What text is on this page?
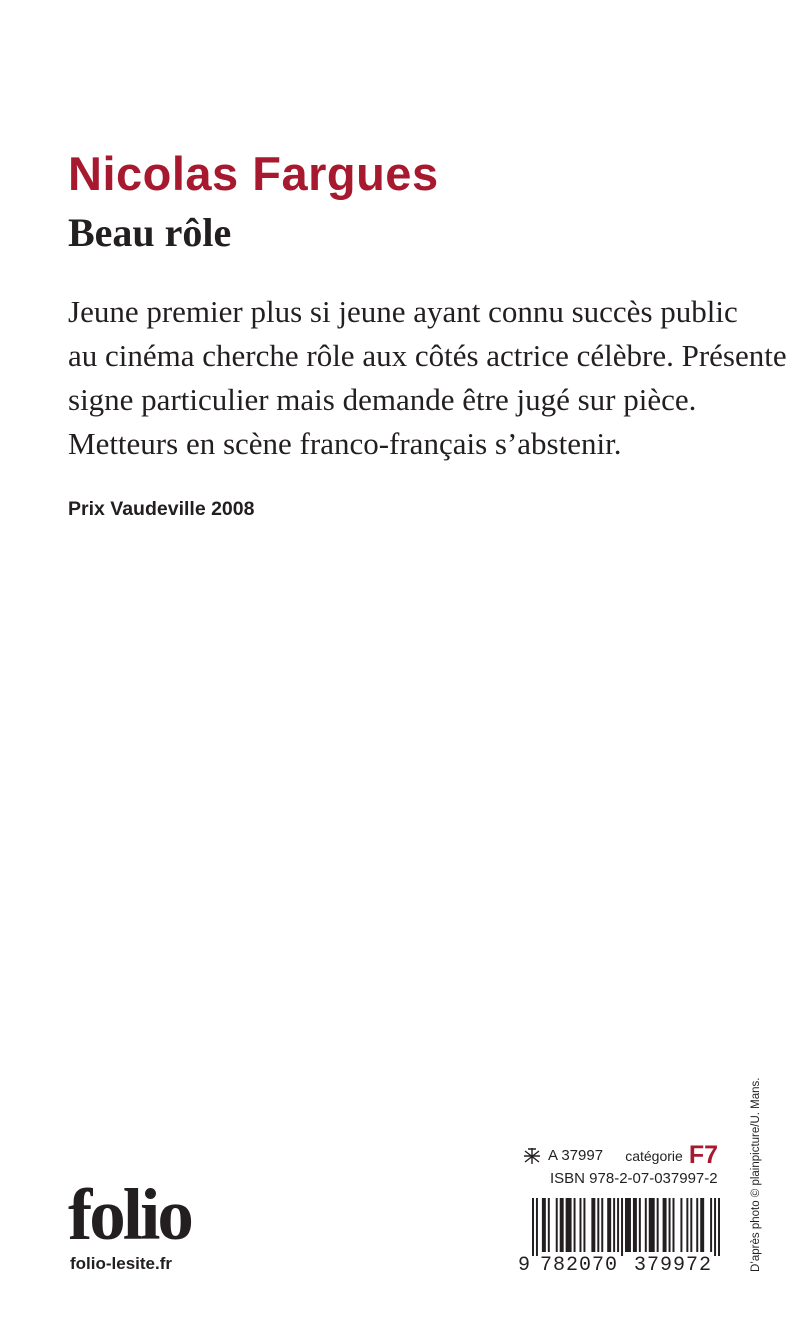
Nicolas Fargues
Beau rôle
Jeune premier plus si jeune ayant connu succès public
au cinéma cherche rôle aux côtés actrice célèbre. Présente
signe particulier mais demande être jugé sur pièce.
Metteurs en scène franco-français s’abstenir.
Prix Vaudeville 2008
folio
folio-lesite.fr
A 37997 catégorie F7
ISBN 978-2-07-037997-2
9 782070 379972	D’après photo © plainpicture/U. Mans.
